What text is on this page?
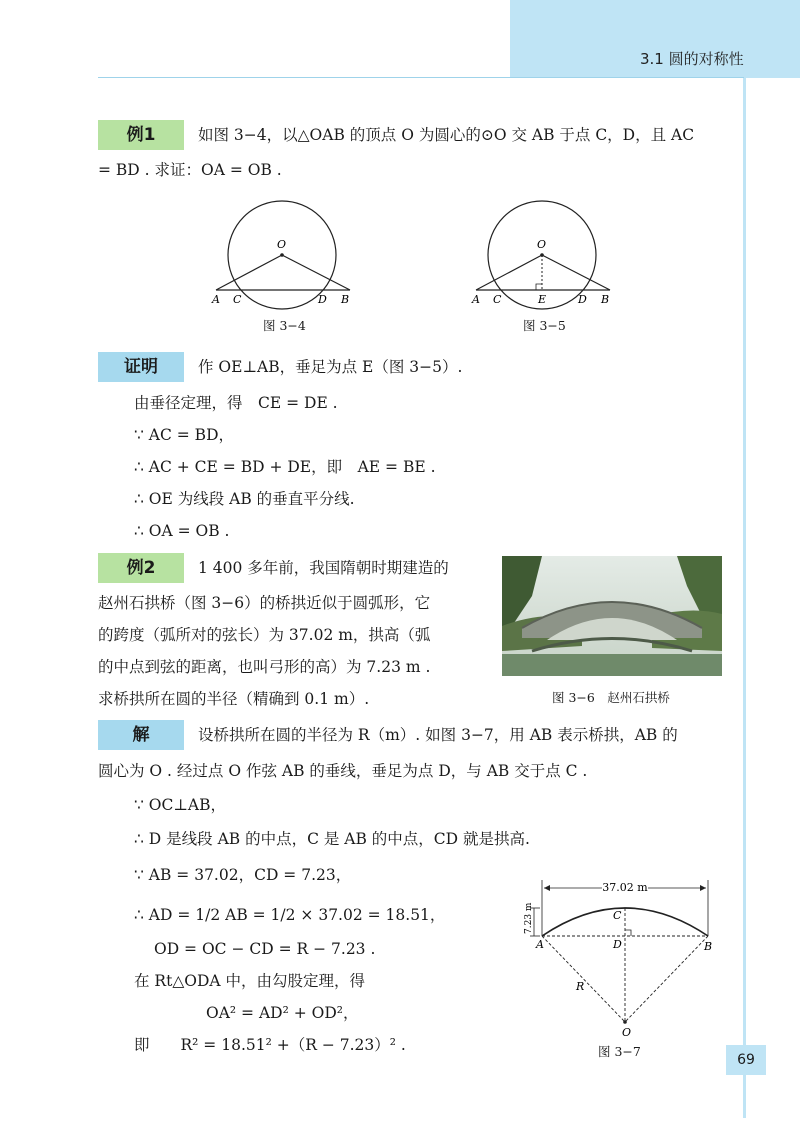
3.1 圆的对称性
例1	如图 3−4，以△OAB 的顶点 O 为圆心的⊙O 交 AB 于点 C，D，且 AC
= BD . 求证：OA = OB .
O
A C	D B
图 3−4
O
A C	E	D B
图 3−5
证明	作 OE⊥AB，垂足为点 E（图 3−5）.
由垂径定理，得　CE = DE .
∵ AC = BD，
∴ AC + CE = BD + DE，即　AE = BE .
∴ OE 为线段 AB 的垂直平分线.
∴ OA = OB .
例2	1 400 多年前，我国隋朝时期建造的
赵州石拱桥（图 3−6）的桥拱近似于圆弧形，它
的跨度（弧所对的弦长）为 37.02 m，拱高（弧
的中点到弦的距离，也叫弓形的高）为 7.23 m .
求桥拱所在圆的半径（精确到 0.1 m）.	图 3−6　赵州石拱桥
解	设桥拱所在圆的半径为 R（m）. 如图 3−7，用 AB 表示桥拱，AB 的
圆心为 O . 经过点 O 作弦 AB 的垂线，垂足为点 D，与 AB 交于点 C .
∵ OC⊥AB，
∴ D 是线段 AB 的中点，C 是 AB 的中点，CD 就是拱高.
∵ AB = 37.02，CD = 7.23，
∴ AD = 1/2 AB = 1/2 × 37.02 = 18.51，
OD = OC − CD = R − 7.23 .
在 Rt△ODA 中，由勾股定理，得
OA² = AD² + OD²，
即　　R² = 18.51² +（R − 7.23）² .
37.02 m
7.23 m
A	B
C
D
O
R
图 3−7
69
